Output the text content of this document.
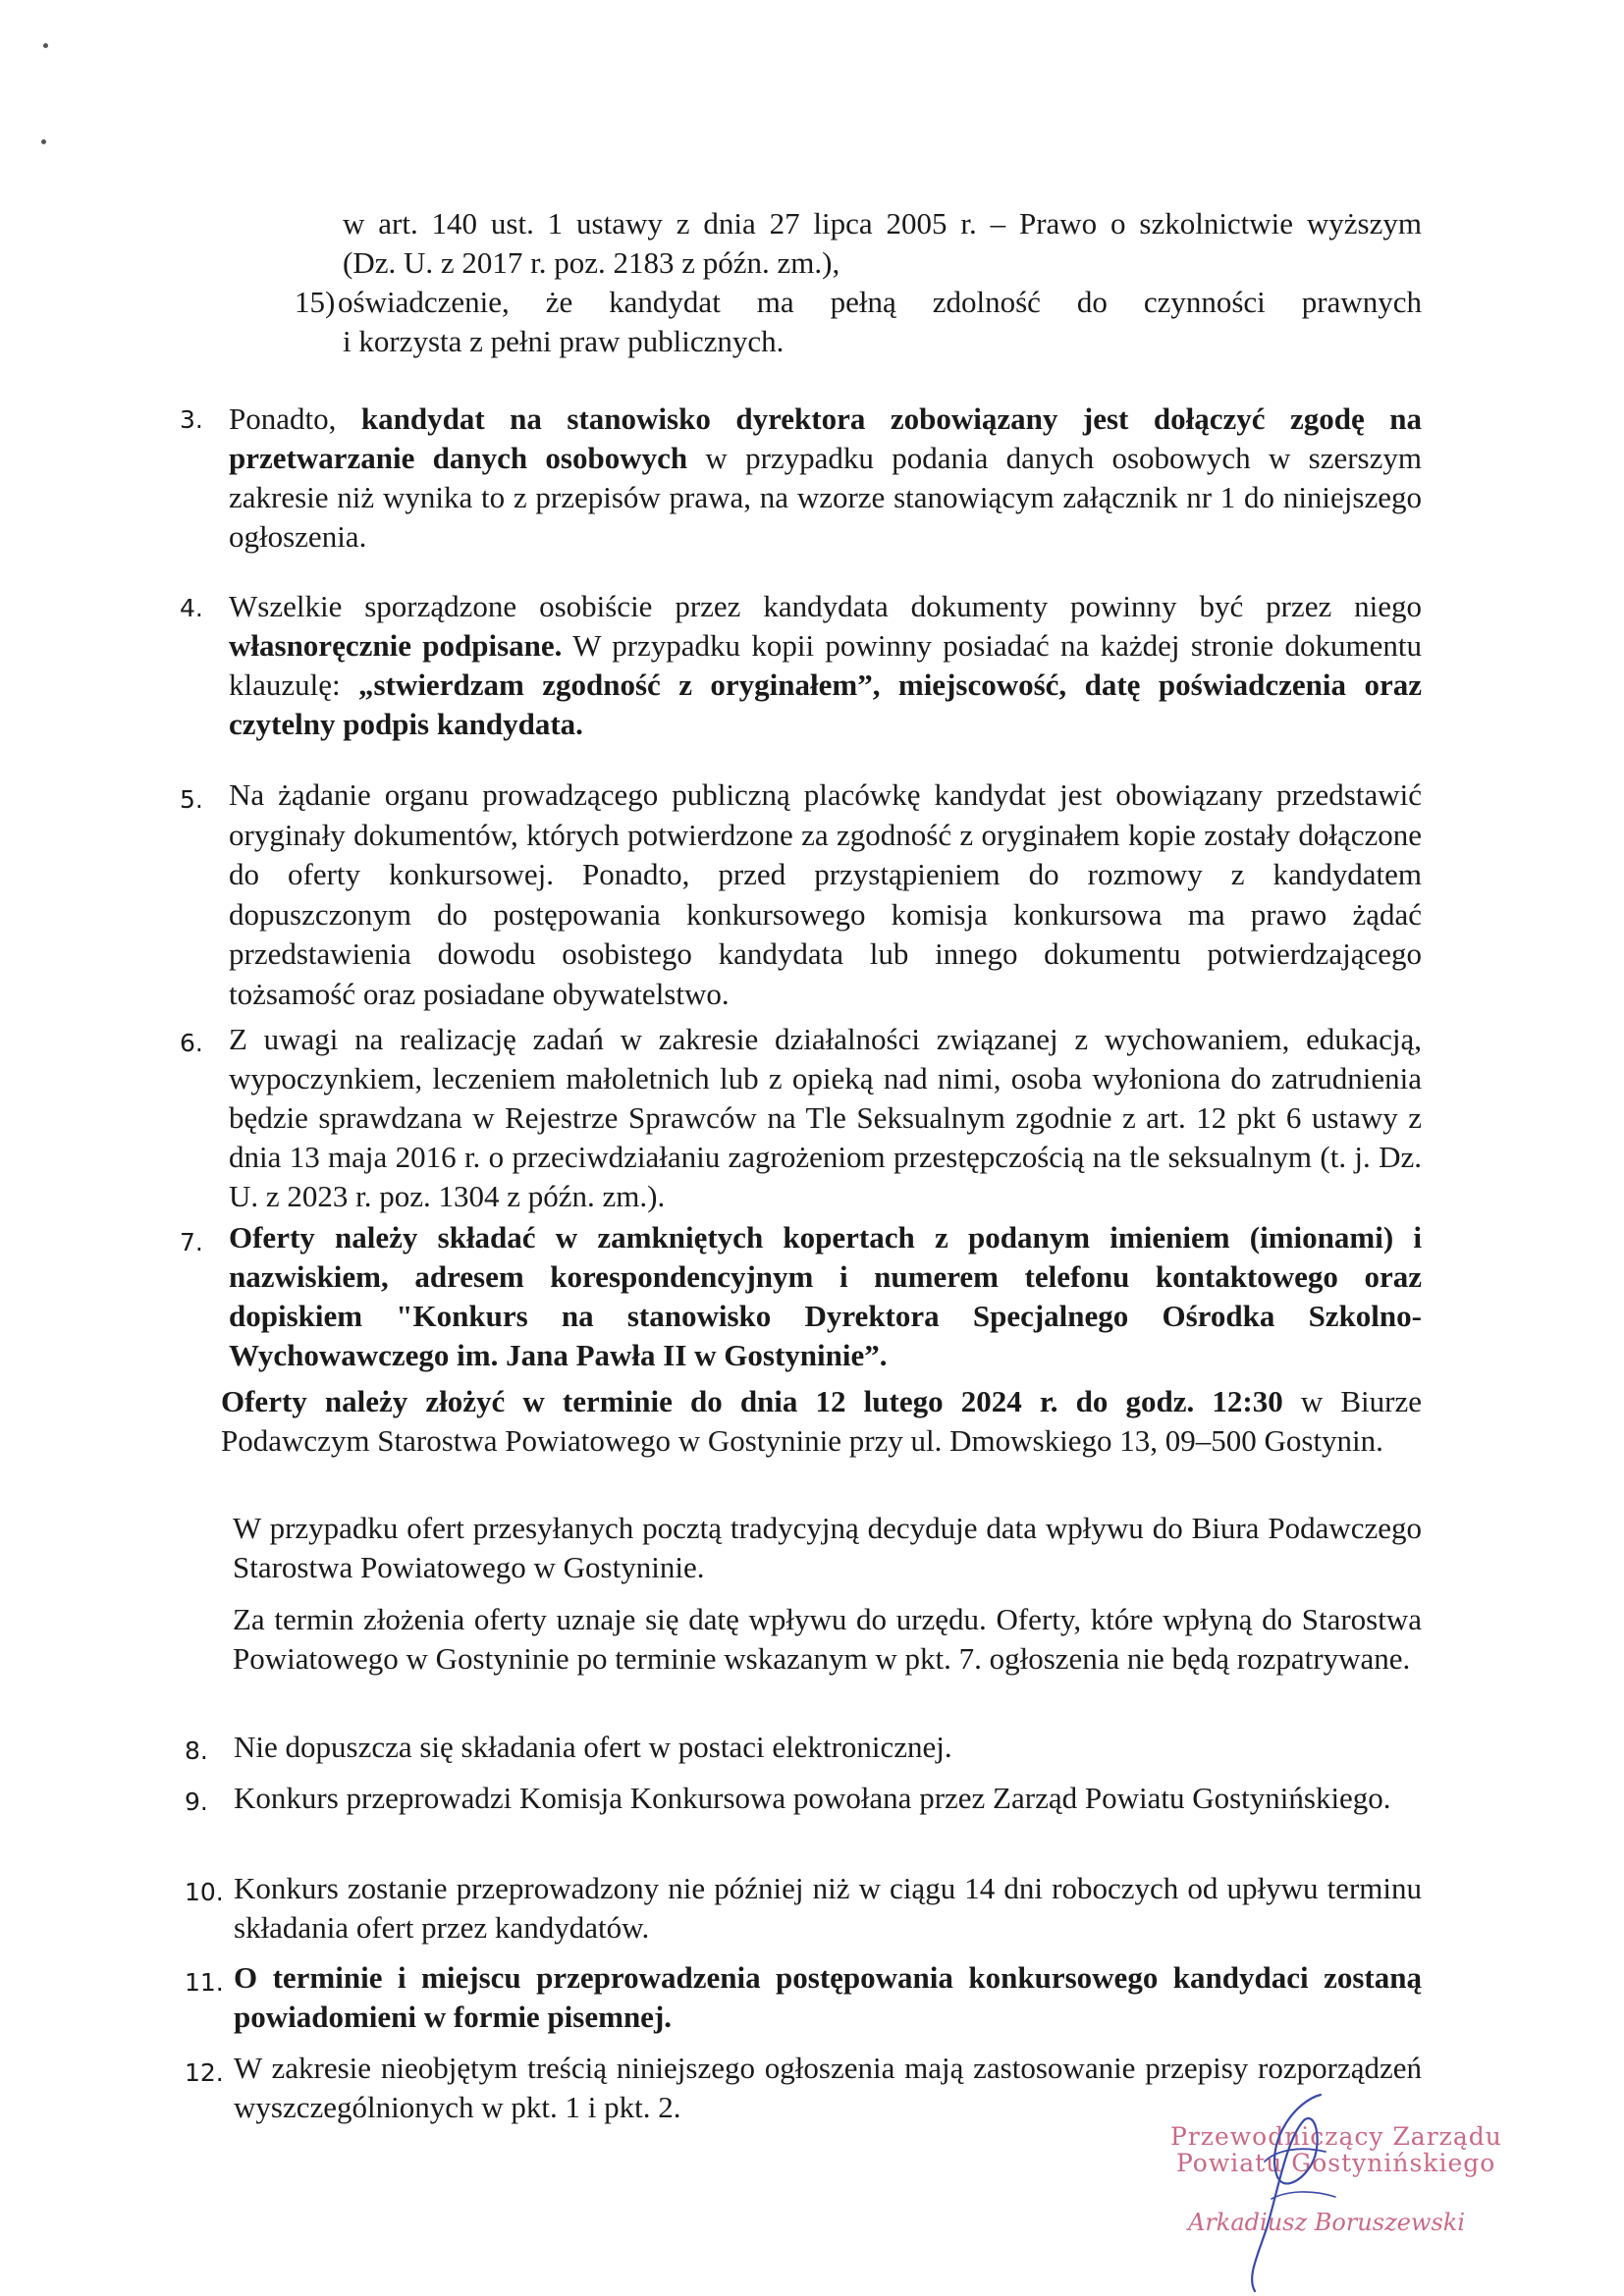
w art. 140 ust. 1 ustawy z dnia 27 lipca 2005 r. – Prawo o szkolnictwie wyższym
(Dz. U. z 2017 r. poz. 2183 z późn. zm.),
15) oświadczenie, że kandydat ma pełną zdolność do czynności prawnych
i korzysta z pełni praw publicznych.
3. Ponadto, kandydat na stanowisko dyrektora zobowiązany jest dołączyć zgodę na przetwarzanie danych osobowych w przypadku podania danych osobowych w szerszym zakresie niż wynika to z przepisów prawa, na wzorze stanowiącym załącznik nr 1 do niniejszego ogłoszenia.
4. Wszelkie sporządzone osobiście przez kandydata dokumenty powinny być przez niego własnoręcznie podpisane. W przypadku kopii powinny posiadać na każdej stronie dokumentu klauzulę: „stwierdzam zgodność z oryginałem”, miejscowość, datę poświadczenia oraz czytelny podpis kandydata.
5. Na żądanie organu prowadzącego publiczną placówkę kandydat jest obowiązany przedstawić oryginały dokumentów, których potwierdzone za zgodność z oryginałem kopie zostały dołączone do oferty konkursowej. Ponadto, przed przystąpieniem do rozmowy z kandydatem dopuszczonym do postępowania konkursowego komisja konkursowa ma prawo żądać przedstawienia dowodu osobistego kandydata lub innego dokumentu potwierdzającego tożsamość oraz posiadane obywatelstwo.
6. Z uwagi na realizację zadań w zakresie działalności związanej z wychowaniem, edukacją, wypoczynkiem, leczeniem małoletnich lub z opieką nad nimi, osoba wyłoniona do zatrudnienia będzie sprawdzana w Rejestrze Sprawców na Tle Seksualnym zgodnie z art. 12 pkt 6 ustawy z dnia 13 maja 2016 r. o przeciwdziałaniu zagrożeniom przestępczością na tle seksualnym (t. j. Dz. U. z 2023 r. poz. 1304 z późn. zm.).
7. Oferty należy składać w zamkniętych kopertach z podanym imieniem (imionami) i nazwiskiem, adresem korespondencyjnym i numerem telefonu kontaktowego oraz dopiskiem "Konkurs na stanowisko Dyrektora Specjalnego Ośrodka Szkolno-Wychowawczego im. Jana Pawła II w Gostyninie”.
Oferty należy złożyć w terminie do dnia 12 lutego 2024 r. do godz. 12:30 w Biurze Podawczym Starostwa Powiatowego w Gostyninie przy ul. Dmowskiego 13, 09–500 Gostynin.
W przypadku ofert przesyłanych pocztą tradycyjną decyduje data wpływu do Biura Podawczego Starostwa Powiatowego w Gostyninie.
Za termin złożenia oferty uznaje się datę wpływu do urzędu. Oferty, które wpłyną do Starostwa Powiatowego w Gostyninie po terminie wskazanym w pkt. 7. ogłoszenia nie będą rozpatrywane.
8. Nie dopuszcza się składania ofert w postaci elektronicznej.
9. Konkurs przeprowadzi Komisja Konkursowa powołana przez Zarząd Powiatu Gostynińskiego.
10. Konkurs zostanie przeprowadzony nie później niż w ciągu 14 dni roboczych od upływu terminu składania ofert przez kandydatów.
11. O terminie i miejscu przeprowadzenia postępowania konkursowego kandydaci zostaną powiadomieni w formie pisemnej.
12. W zakresie nieobjętym treścią niniejszego ogłoszenia mają zastosowanie przepisy rozporządzeń wyszczególnionych w pkt. 1 i pkt. 2.
Przewodniczący Zarządu
Powiatu Gostynińskiego
Arkadiusz Boruszewski
